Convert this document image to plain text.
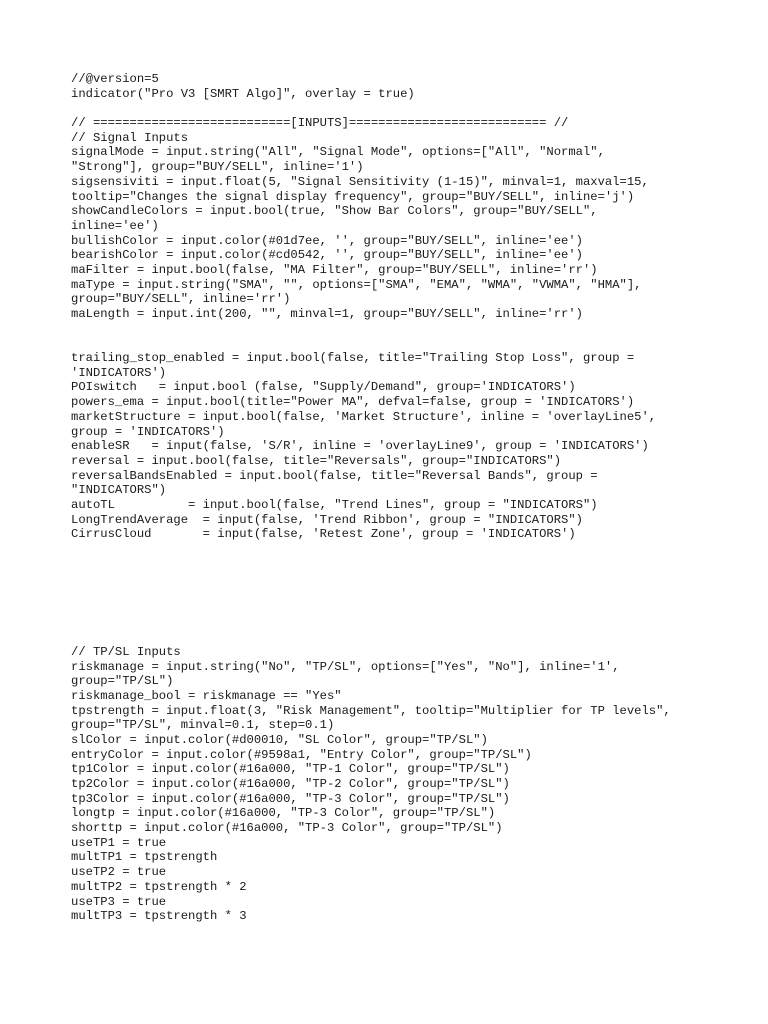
//@version=5
indicator("Pro V3 [SMRT Algo]", overlay = true)
// ===========================[INPUTS]=========================== //
// Signal Inputs
signalMode = input.string("All", "Signal Mode", options=["All", "Normal",
"Strong"], group="BUY/SELL", inline='1')
sigsensiviti = input.float(5, "Signal Sensitivity (1-15)", minval=1, maxval=15,
tooltip="Changes the signal display frequency", group="BUY/SELL", inline='j')
showCandleColors = input.bool(true, "Show Bar Colors", group="BUY/SELL",
inline='ee')
bullishColor = input.color(#01d7ee, '', group="BUY/SELL", inline='ee')
bearishColor = input.color(#cd0542, '', group="BUY/SELL", inline='ee')
maFilter = input.bool(false, "MA Filter", group="BUY/SELL", inline='rr')
maType = input.string("SMA", "", options=["SMA", "EMA", "WMA", "VWMA", "HMA"],
group="BUY/SELL", inline='rr')
maLength = input.int(200, "", minval=1, group="BUY/SELL", inline='rr')
trailing_stop_enabled = input.bool(false, title="Trailing Stop Loss", group =
'INDICATORS')
POIswitch   = input.bool (false, "Supply/Demand", group='INDICATORS')
powers_ema = input.bool(title="Power MA", defval=false, group = 'INDICATORS')
marketStructure = input.bool(false, 'Market Structure', inline = 'overlayLine5',
group = 'INDICATORS')
enableSR   = input(false, 'S/R', inline = 'overlayLine9', group = 'INDICATORS')
reversal = input.bool(false, title="Reversals", group="INDICATORS")
reversalBandsEnabled = input.bool(false, title="Reversal Bands", group =
"INDICATORS")
autoTL          = input.bool(false, "Trend Lines", group = "INDICATORS")
LongTrendAverage  = input(false, 'Trend Ribbon', group = "INDICATORS")
CirrusCloud       = input(false, 'Retest Zone', group = 'INDICATORS')
// TP/SL Inputs
riskmanage = input.string("No", "TP/SL", options=["Yes", "No"], inline='1',
group="TP/SL")
riskmanage_bool = riskmanage == "Yes"
tpstrength = input.float(3, "Risk Management", tooltip="Multiplier for TP levels",
group="TP/SL", minval=0.1, step=0.1)
slColor = input.color(#d00010, "SL Color", group="TP/SL")
entryColor = input.color(#9598a1, "Entry Color", group="TP/SL")
tp1Color = input.color(#16a000, "TP-1 Color", group="TP/SL")
tp2Color = input.color(#16a000, "TP-2 Color", group="TP/SL")
tp3Color = input.color(#16a000, "TP-3 Color", group="TP/SL")
longtp = input.color(#16a000, "TP-3 Color", group="TP/SL")
shorttp = input.color(#16a000, "TP-3 Color", group="TP/SL")
useTP1 = true
multTP1 = tpstrength
useTP2 = true
multTP2 = tpstrength * 2
useTP3 = true
multTP3 = tpstrength * 3
